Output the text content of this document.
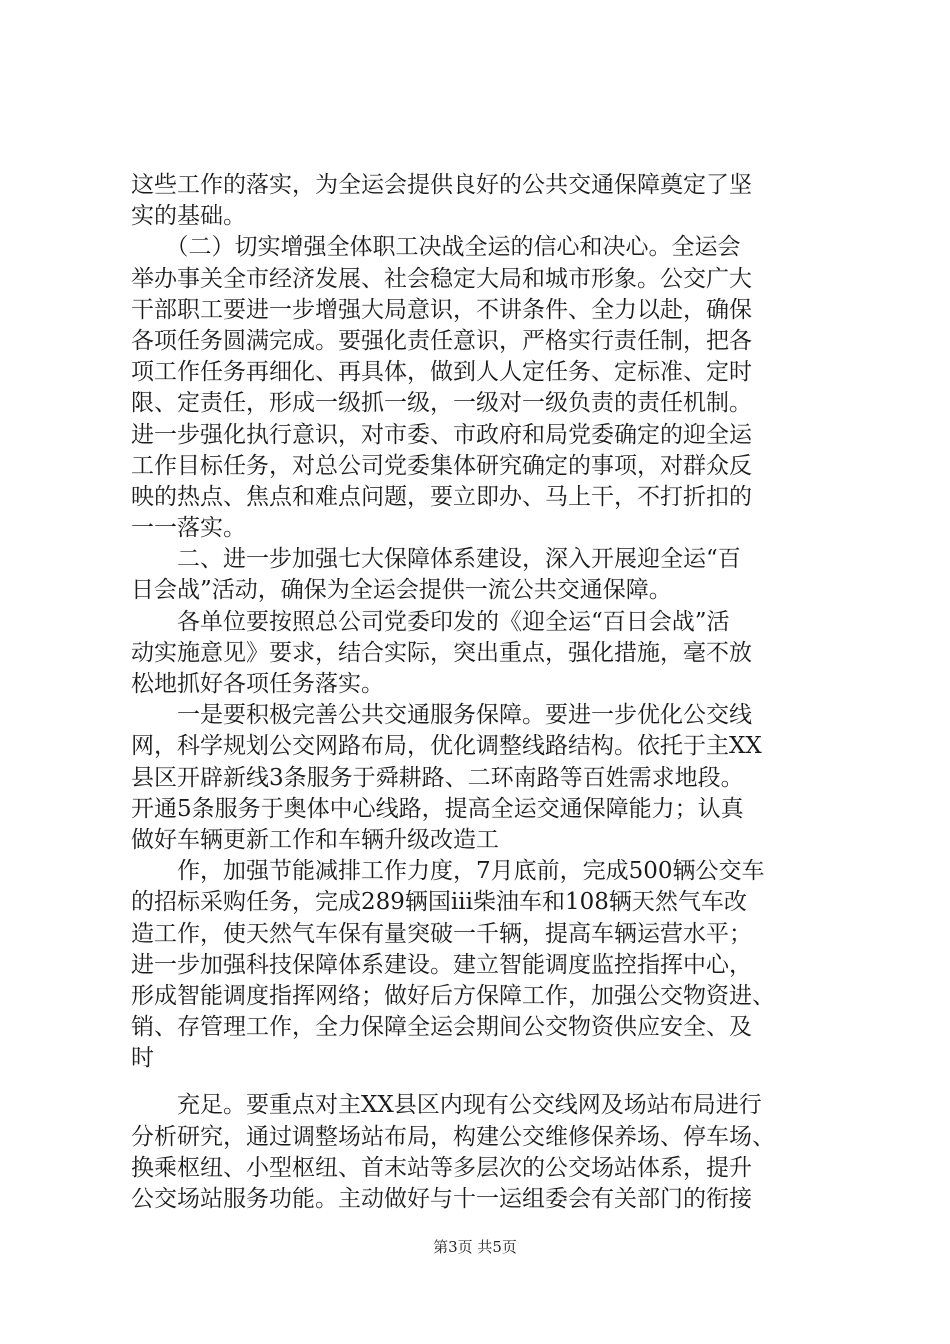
这些工作的落实，为全运会提供良好的公共交通保障奠定了坚
实的基础。
　　（二）切实增强全体职工决战全运的信心和决心。全运会
举办事关全市经济发展、社会稳定大局和城市形象。公交广大
干部职工要进一步增强大局意识，不讲条件、全力以赴，确保
各项任务圆满完成。要强化责任意识，严格实行责任制，把各
项工作任务再细化、再具体，做到人人定任务、定标准、定时
限、定责任，形成一级抓一级，一级对一级负责的责任机制。
进一步强化执行意识，对市委、市政府和局党委确定的迎全运
工作目标任务，对总公司党委集体研究确定的事项，对群众反
映的热点、焦点和难点问题，要立即办、马上干，不打折扣的
一一落实。
　　二、进一步加强七大保障体系建设，深入开展迎全运“百
日会战”活动，确保为全运会提供一流公共交通保障。
　　各单位要按照总公司党委印发的《迎全运“百日会战”活
动实施意见》要求，结合实际，突出重点，强化措施，毫不放
松地抓好各项任务落实。
　　一是要积极完善公共交通服务保障。要进一步优化公交线
网，科学规划公交网路布局，优化调整线路结构。依托于主XX
县区开辟新线3条服务于舜耕路、二环南路等百姓需求地段。
开通5条服务于奥体中心线路，提高全运交通保障能力；认真
做好车辆更新工作和车辆升级改造工
　　作，加强节能减排工作力度，7月底前，完成500辆公交车
的招标采购任务，完成289辆国iii柴油车和108辆天然气车改
造工作，使天然气车保有量突破一千辆，提高车辆运营水平；
进一步加强科技保障体系建设。建立智能调度监控指挥中心，
形成智能调度指挥网络；做好后方保障工作，加强公交物资进、
销、存管理工作，全力保障全运会期间公交物资供应安全、及
时
　　充足。要重点对主XX县区内现有公交线网及场站布局进行
分析研究，通过调整场站布局，构建公交维修保养场、停车场、
换乘枢纽、小型枢纽、首末站等多层次的公交场站体系，提升
公交场站服务功能。主动做好与十一运组委会有关部门的衔接
第3页 共5页
